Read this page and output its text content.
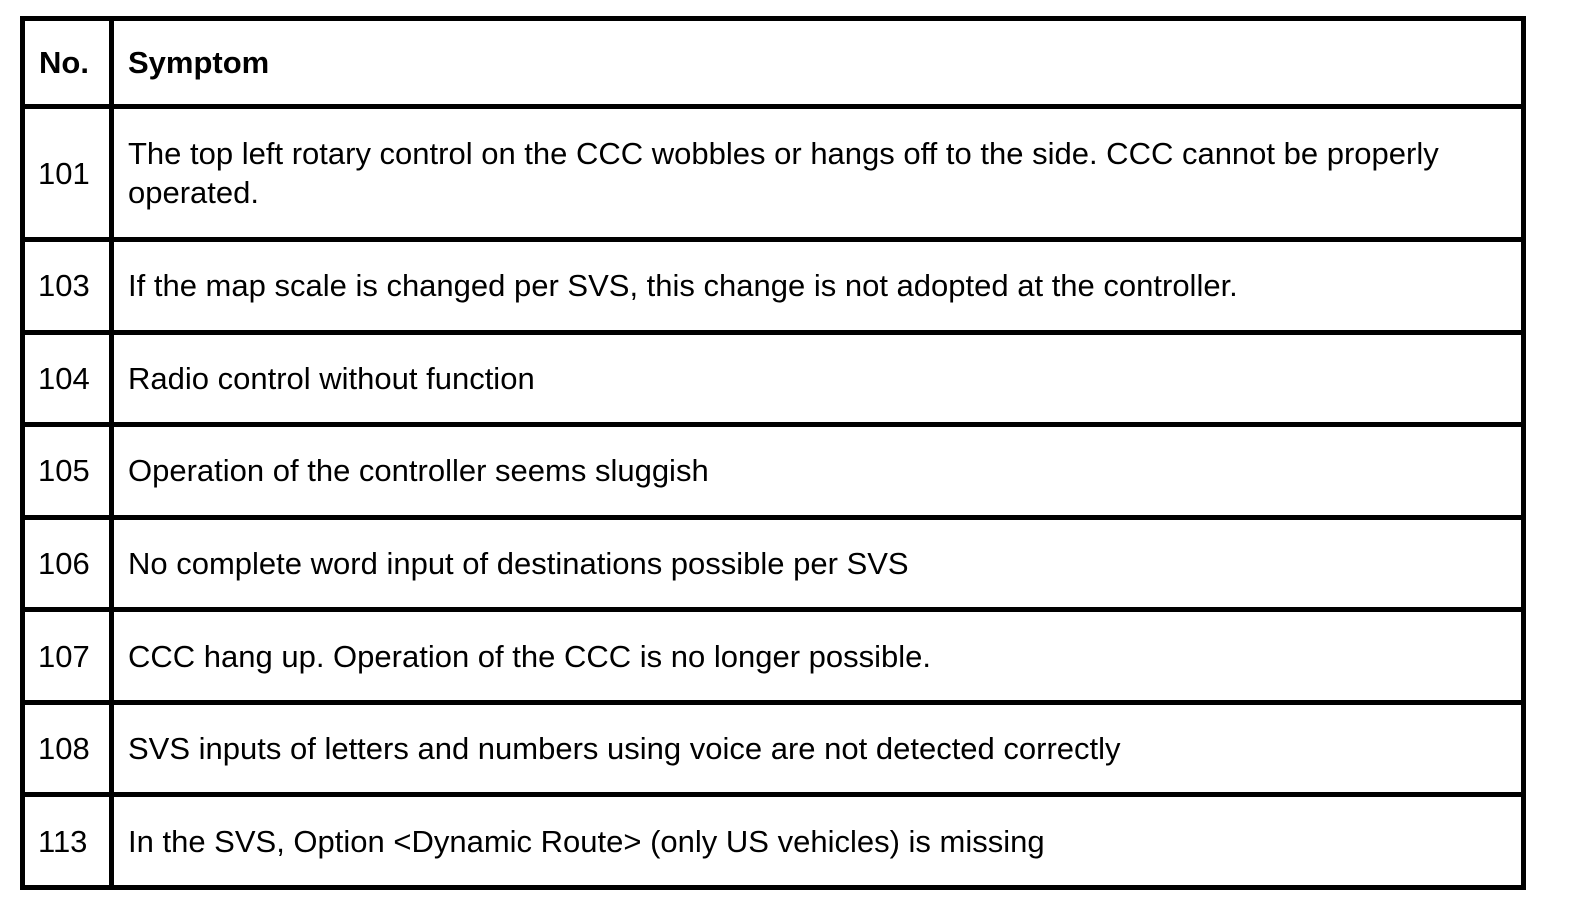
No.	Symptom
101	The top left rotary control on the CCC wobbles or hangs off to the side. CCC cannot be properly operated.
103	If the map scale is changed per SVS, this change is not adopted at the controller.
104	Radio control without function
105	Operation of the controller seems sluggish
106	No complete word input of destinations possible per SVS
107	CCC hang up. Operation of the CCC is no longer possible.
108	SVS inputs of letters and numbers using voice are not detected correctly
113	In the SVS, Option <Dynamic Route> (only US vehicles) is missing
